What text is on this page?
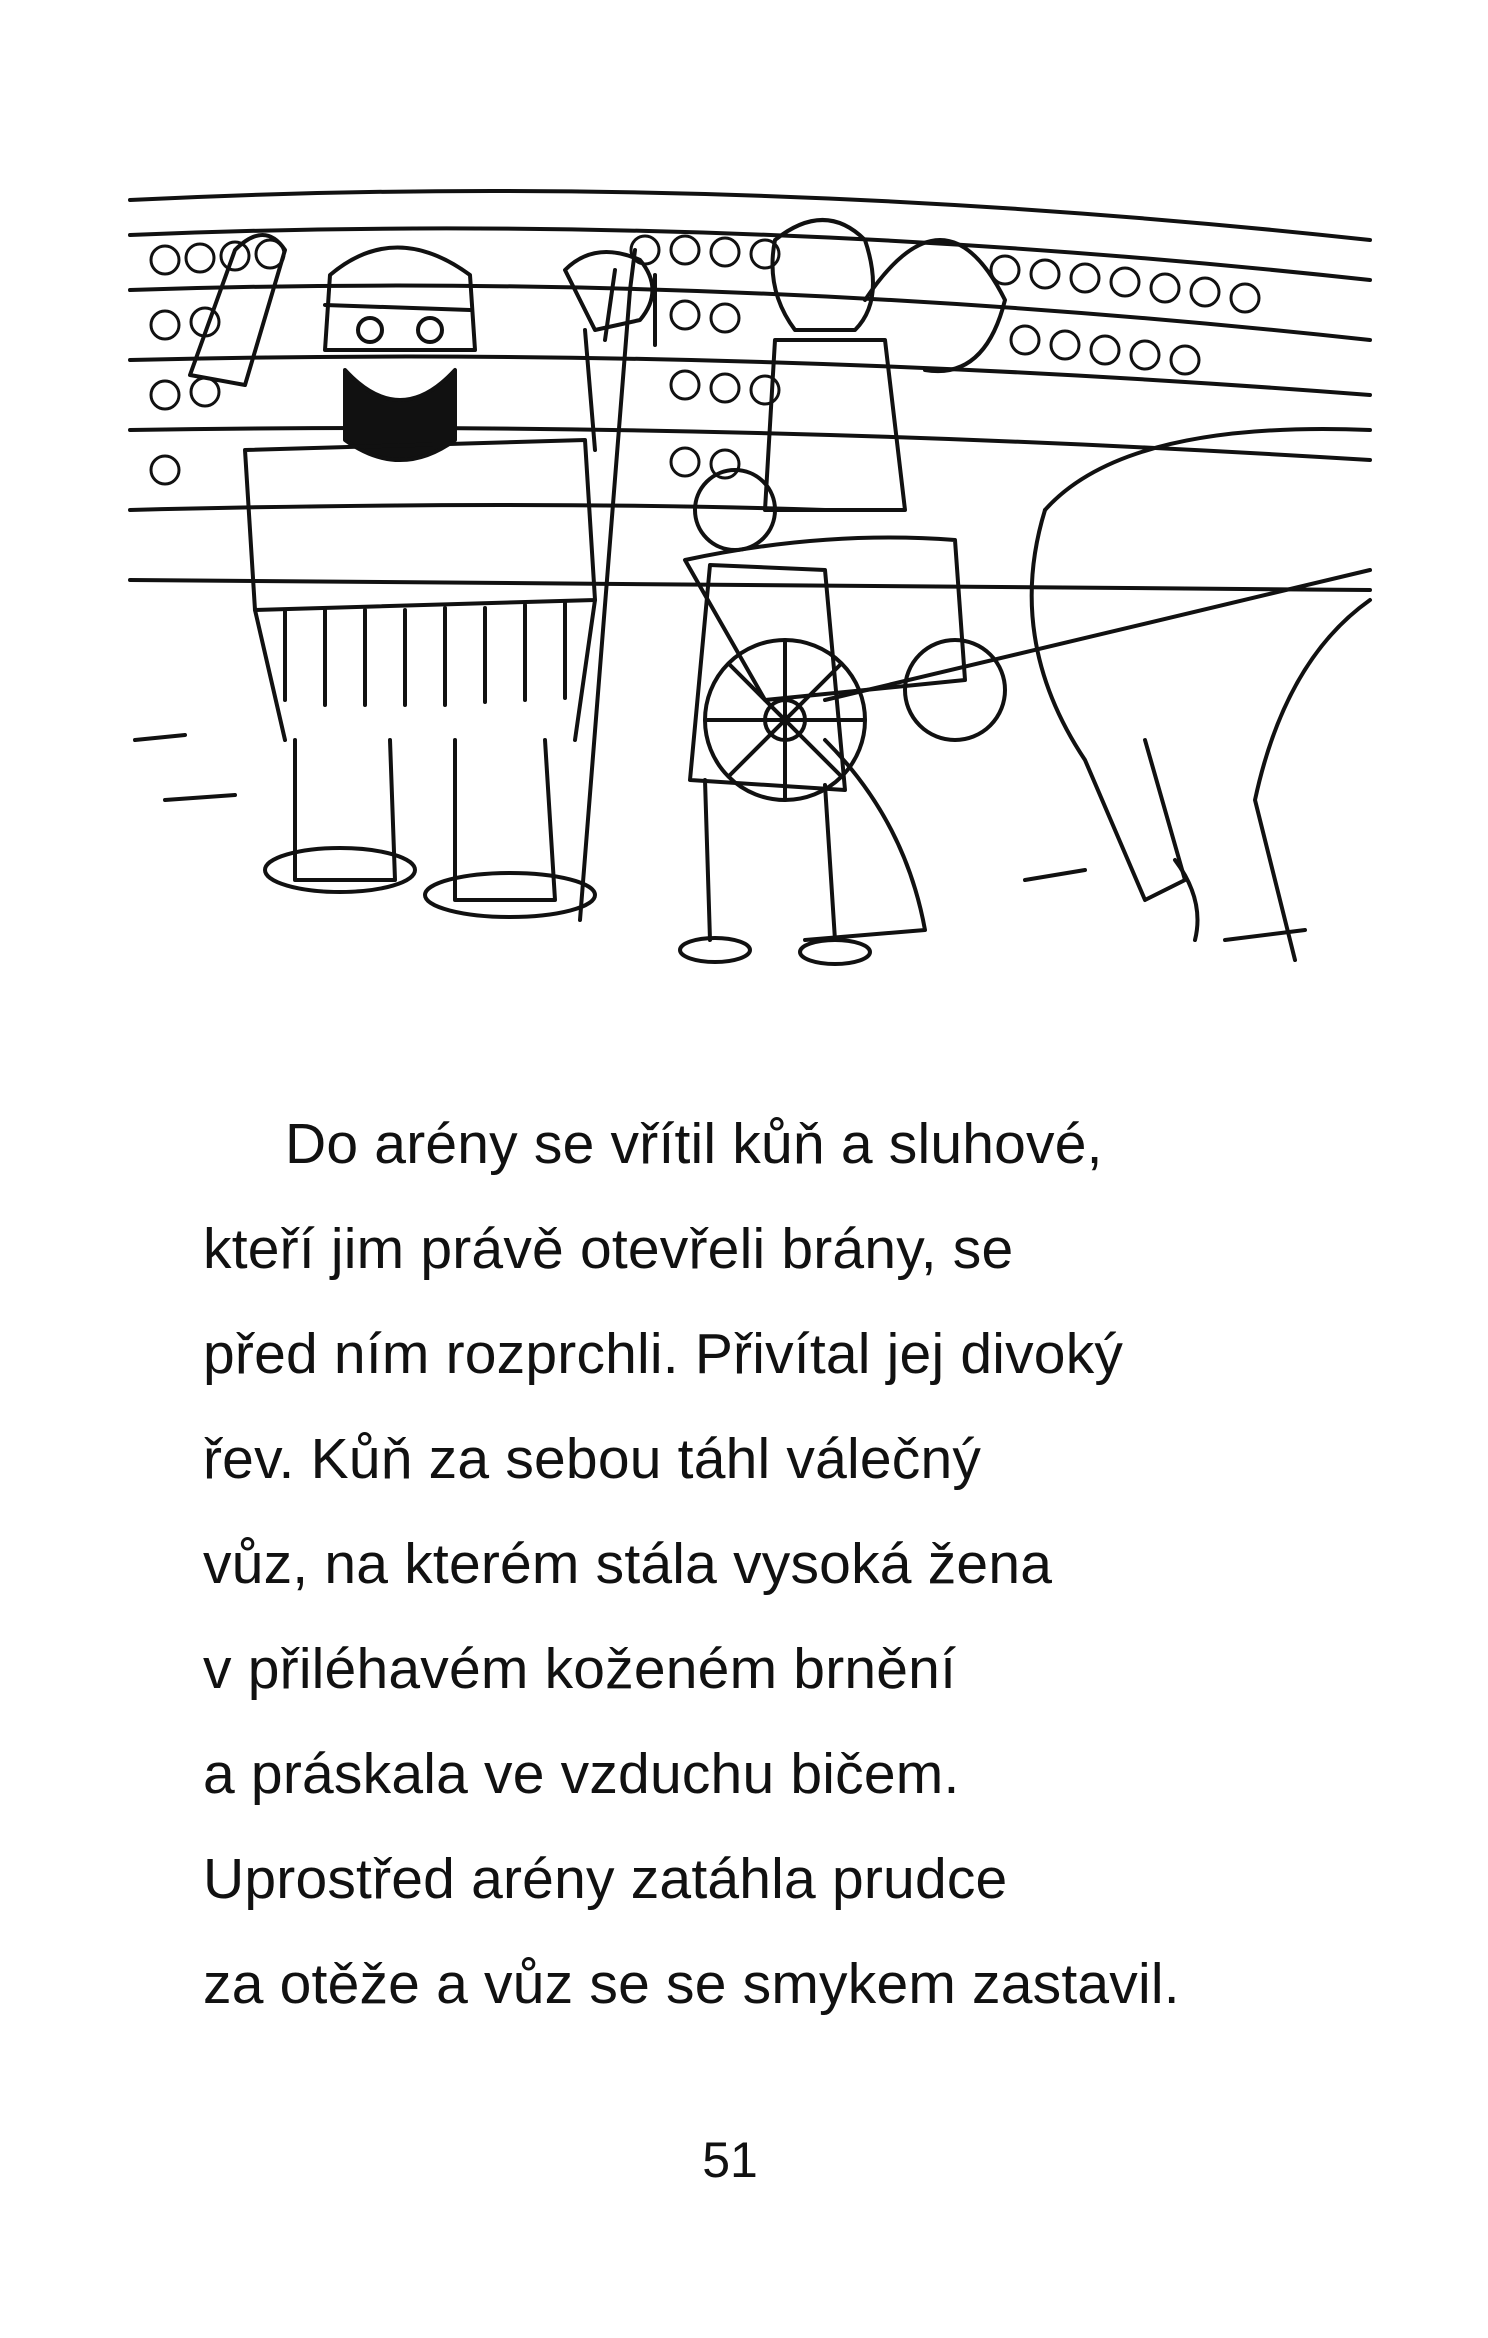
Do arény se vřítil kůň a sluhové,
kteří jim právě otevřeli brány, se
před ním rozprchli. Přivítal jej divoký
řev. Kůň za sebou táhl válečný
vůz, na kterém stála vysoká žena
v přiléhavém koženém brnění
a práskala ve vzduchu bičem.
Uprostřed arény zatáhla prudce
za otěže a vůz se se smykem zastavil.
51
